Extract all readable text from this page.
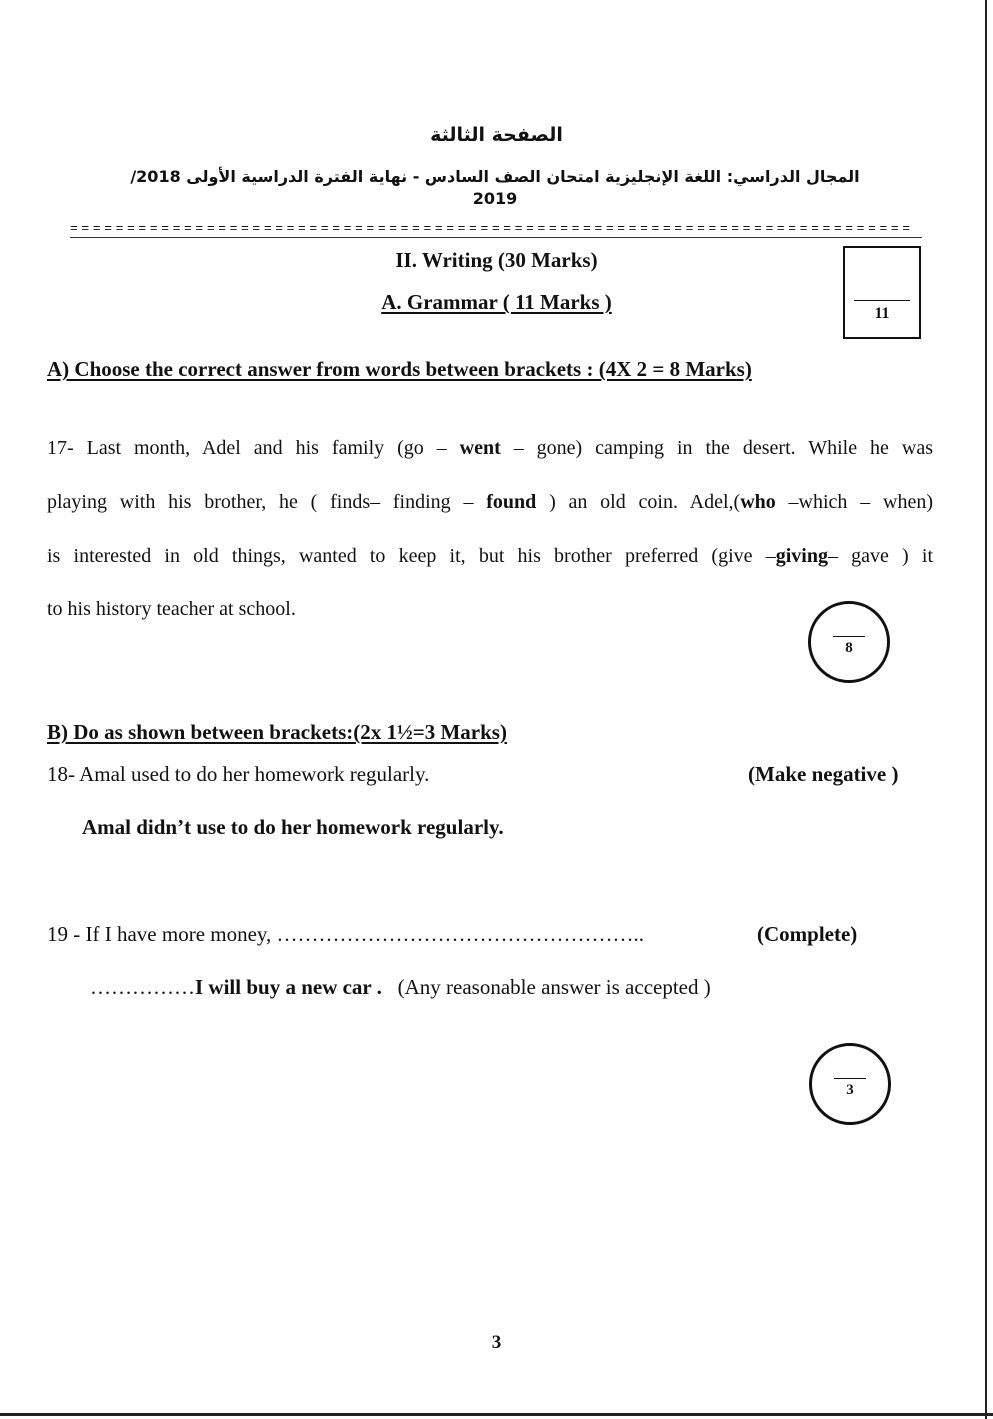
الصفحة الثالثة
المجال الدراسي: اللغة الإنجليزية امتحان الصف السادس - نهاية الفترة الدراسية الأولى 2018/ 2019
==========================================================================
II. Writing (30 Marks)
A. Grammar ( 11 Marks )	11
A) Choose the correct answer from words between brackets : (4X 2 = 8 Marks)
17- Last month, Adel and his family (go – went – gone) camping in the desert. While he was
playing with his brother, he ( finds– finding – found ) an old coin. Adel,(who –which – when)
is interested in old things, wanted to keep it, but his brother preferred (give –giving– gave ) it
to his history teacher at school.
8
B) Do as shown between brackets:(2x 1½=3 Marks)
18- Amal used to do her homework regularly.	(Make negative )
Amal didn’t use to do her homework regularly.
19 - If I have more money, ……………………………………………..	(Complete)
……………I will buy a new car . (Any reasonable answer is accepted )
3
3
